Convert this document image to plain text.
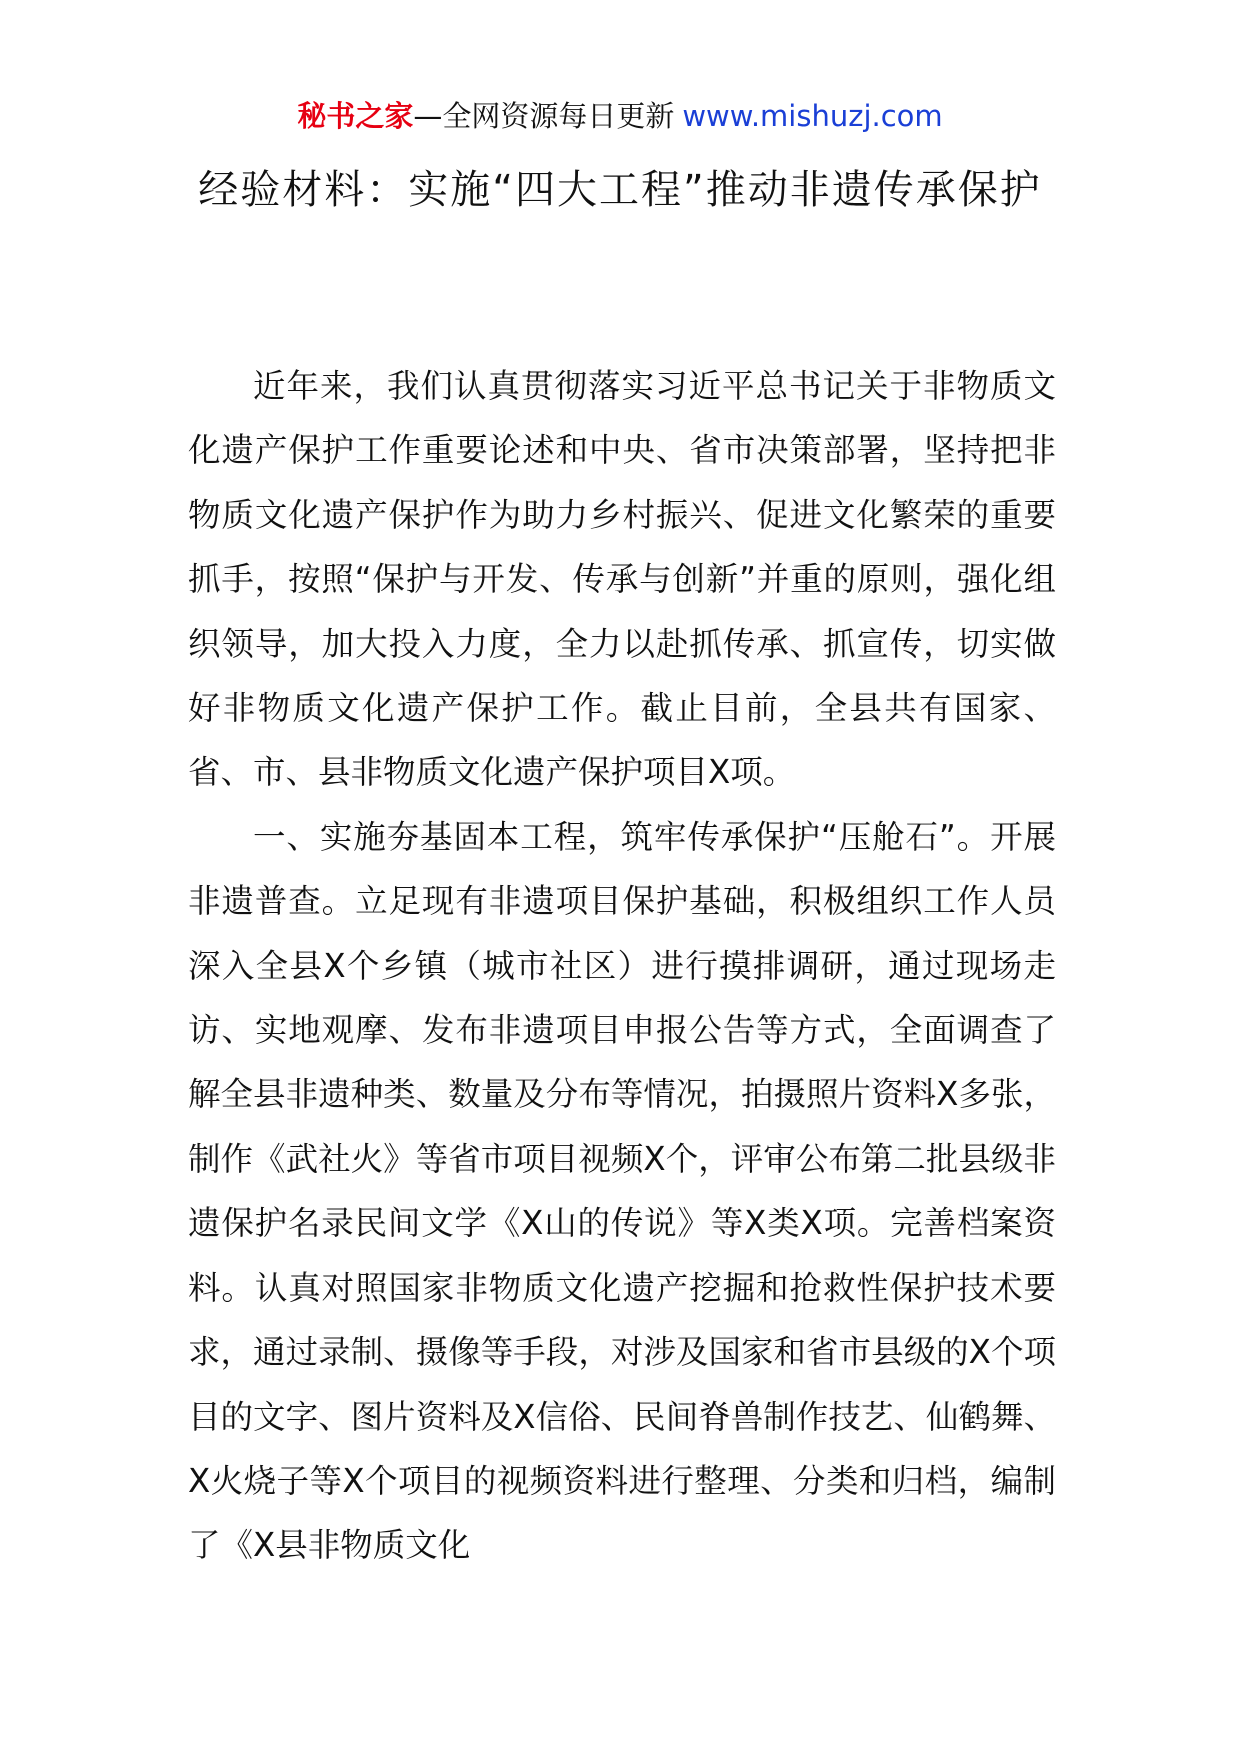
秘书之家—全网资源每日更新 www.mishuzj.com
经验材料：实施“四大工程”推动非遗传承保护

近年来，我们认真贯彻落实习近平总书记关于非物质文化遗产保护工作重要论述和中央、省市决策部署，坚持把非物质文化遗产保护作为助力乡村振兴、促进文化繁荣的重要抓手，按照“保护与开发、传承与创新”并重的原则，强化组织领导，加大投入力度，全力以赴抓传承、抓宣传，切实做好非物质文化遗产保护工作。截止目前，全县共有国家、省、市、县非物质文化遗产保护项目X项。

一、实施夯基固本工程，筑牢传承保护“压舱石”。开展非遗普查。立足现有非遗项目保护基础，积极组织工作人员深入全县X个乡镇（城市社区）进行摸排调研，通过现场走访、实地观摩、发布非遗项目申报公告等方式，全面调查了解全县非遗种类、数量及分布等情况，拍摄照片资料X多张，制作《武社火》等省市项目视频X个，评审公布第二批县级非遗保护名录民间文学《X山的传说》等X类X项。完善档案资料。认真对照国家非物质文化遗产挖掘和抢救性保护技术要求，通过录制、摄像等手段，对涉及国家和省市县级的X个项目的文字、图片资料及X信俗、民间脊兽制作技艺、仙鹤舞、X火烧子等X个项目的视频资料进行整理、分类和归档，编制了《X县非物质文化
